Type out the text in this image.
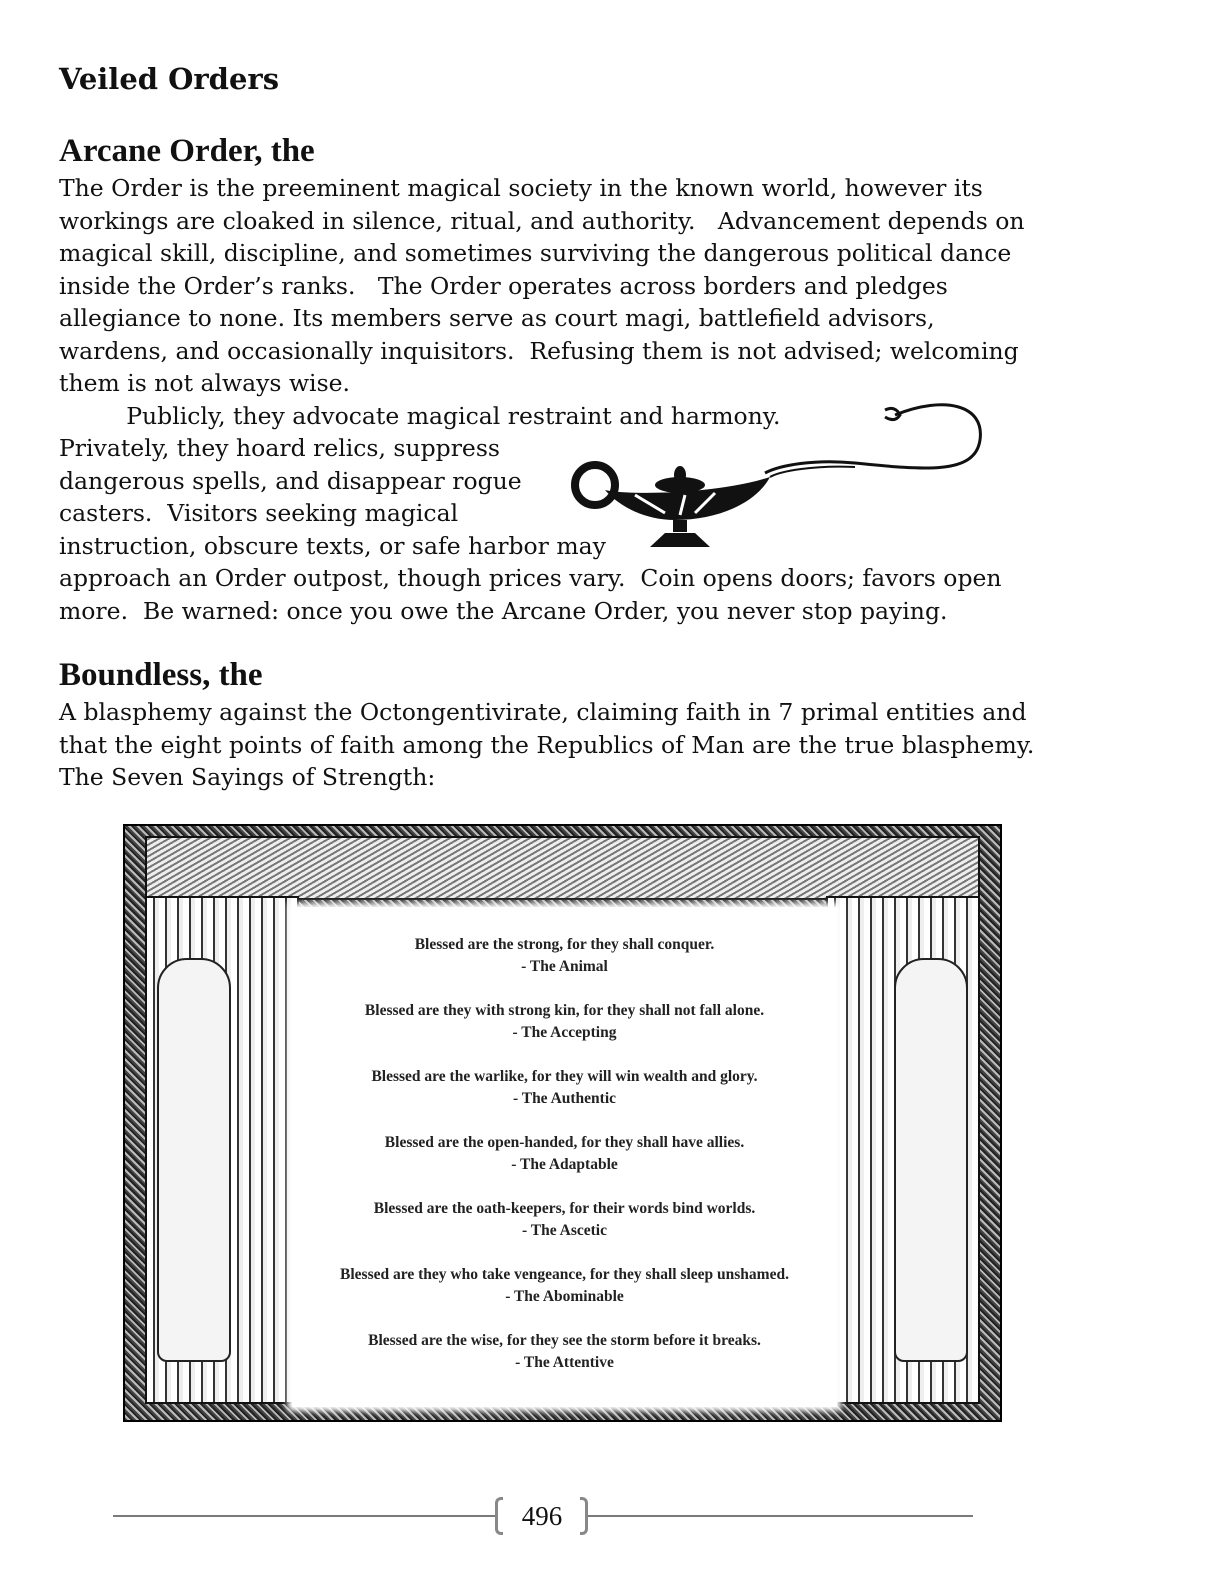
Veiled Orders
Arcane Order, the
The Order is the preeminent magical society in the known world, however its
workings are cloaked in silence, ritual, and authority.   Advancement depends on
magical skill, discipline, and sometimes surviving the dangerous political dance
inside the Order’s ranks.   The Order operates across borders and pledges
allegiance to none. Its members serve as court magi, battlefield advisors,
wardens, and occasionally inquisitors.  Refusing them is not advised; welcoming
them is not always wise.
Publicly, they advocate magical restraint and harmony.
Privately, they hoard relics, suppress
dangerous spells, and disappear rogue
casters.  Visitors seeking magical
instruction, obscure texts, or safe harbor may
approach an Order outpost, though prices vary.  Coin opens doors; favors open
more.  Be warned: once you owe the Arcane Order, you never stop paying.
Boundless, the
A blasphemy against the Octongentivirate, claiming faith in 7 primal entities and
that the eight points of faith among the Republics of Man are the true blasphemy.
The Seven Sayings of Strength:
Blessed are the strong, for they shall conquer.
- The Animal
Blessed are they with strong kin, for they shall not fall alone.
- The Accepting
Blessed are the warlike, for they will win wealth and glory.
- The Authentic
Blessed are the open-handed, for they shall have allies.
- The Adaptable
Blessed are the oath-keepers, for their words bind worlds.
- The Ascetic
Blessed are they who take vengeance, for they shall sleep unshamed.
- The Abominable
Blessed are the wise, for they see the storm before it breaks.
- The Attentive
496
